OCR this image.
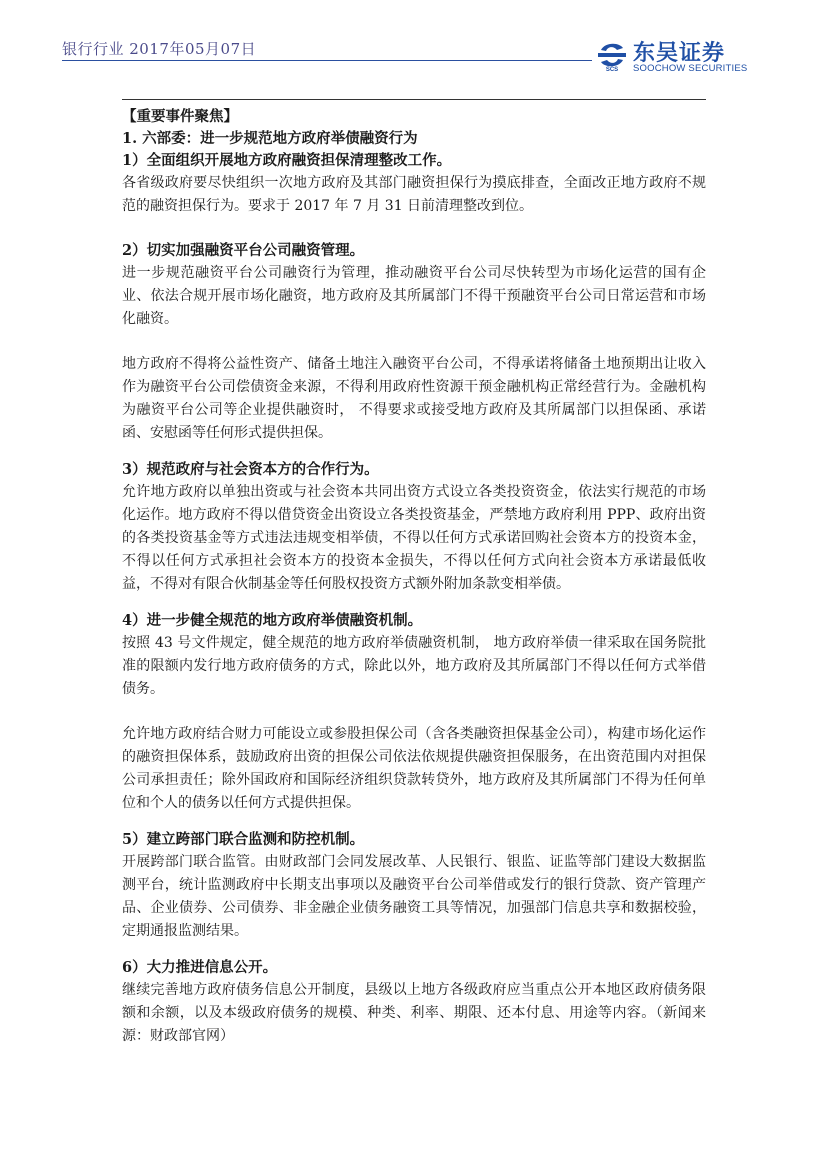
银行行业 2017年05月07日
SCS
东吴证券
SOOCHOW SECURITIES
【重要事件聚焦】
1. 六部委：进一步规范地方政府举债融资行为
1）全面组织开展地方政府融资担保清理整改工作。

各省级政府要尽快组织一次地方政府及其部门融资担保行为摸底排查，全面改正地方政府不规范的融资担保行为。要求于 2017 年 7 月 31 日前清理整改到位。

2）切实加强融资平台公司融资管理。

进一步规范融资平台公司融资行为管理，推动融资平台公司尽快转型为市场化运营的国有企业、依法合规开展市场化融资，地方政府及其所属部门不得干预融资平台公司日常运营和市场化融资。

地方政府不得将公益性资产、储备土地注入融资平台公司，不得承诺将储备土地预期出让收入作为融资平台公司偿债资金来源，不得利用政府性资源干预金融机构正常经营行为。金融机构为融资平台公司等企业提供融资时， 不得要求或接受地方政府及其所属部门以担保函、承诺函、安慰函等任何形式提供担保。

3）规范政府与社会资本方的合作行为。

允许地方政府以单独出资或与社会资本共同出资方式设立各类投资资金，依法实行规范的市场化运作。地方政府不得以借贷资金出资设立各类投资基金，严禁地方政府利用 PPP、政府出资的各类投资基金等方式违法违规变相举债，不得以任何方式承诺回购社会资本方的投资本金，不得以任何方式承担社会资本方的投资本金损失，不得以任何方式向社会资本方承诺最低收益，不得对有限合伙制基金等任何股权投资方式额外附加条款变相举债。

4）进一步健全规范的地方政府举债融资机制。

按照 43 号文件规定，健全规范的地方政府举债融资机制， 地方政府举债一律采取在国务院批准的限额内发行地方政府债务的方式，除此以外，地方政府及其所属部门不得以任何方式举借债务。

允许地方政府结合财力可能设立或参股担保公司（含各类融资担保基金公司），构建市场化运作的融资担保体系，鼓励政府出资的担保公司依法依规提供融资担保服务，在出资范围内对担保公司承担责任；除外国政府和国际经济组织贷款转贷外，地方政府及其所属部门不得为任何单位和个人的债务以任何方式提供担保。

5）建立跨部门联合监测和防控机制。

开展跨部门联合监管。由财政部门会同发展改革、人民银行、银监、证监等部门建设大数据监测平台，统计监测政府中长期支出事项以及融资平台公司举借或发行的银行贷款、资产管理产品、企业债券、公司债券、非金融企业债务融资工具等情况，加强部门信息共享和数据校验，定期通报监测结果。

6）大力推进信息公开。

继续完善地方政府债务信息公开制度，县级以上地方各级政府应当重点公开本地区政府债务限额和余额，以及本级政府债务的规模、种类、利率、期限、还本付息、用途等内容。（新闻来源：财政部官网）
